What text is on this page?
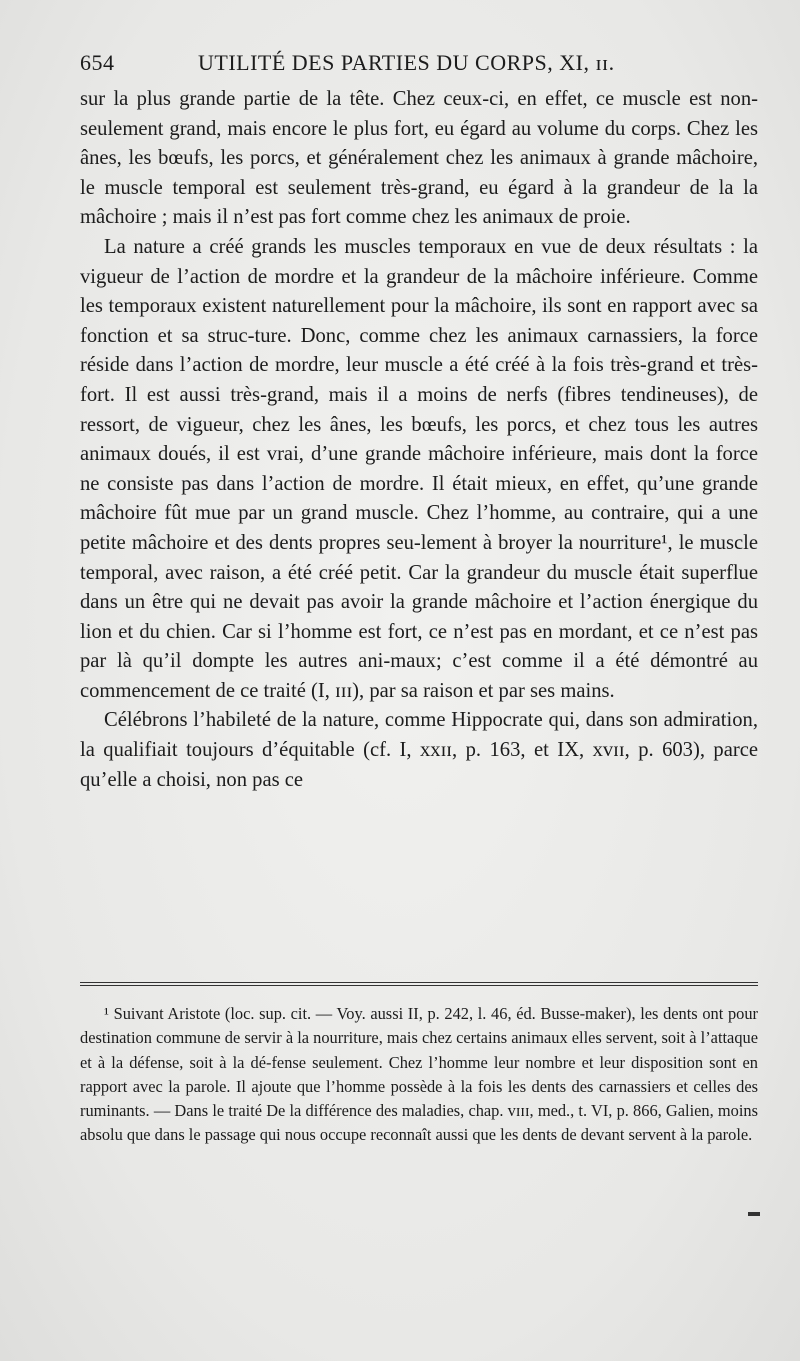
654	UTILITÉ DES PARTIES DU CORPS, XI, ɪɪ.

sur la plus grande partie de la tête. Chez ceux-ci, en effet, ce muscle est non-seulement grand, mais encore le plus fort, eu égard au volume du corps. Chez les ânes, les bœufs, les porcs, et généralement chez les animaux à grande mâchoire, le muscle temporal est seulement très-grand, eu égard à la grandeur de la la mâchoire ; mais il n’est pas fort comme chez les animaux de proie.

La nature a créé grands les muscles temporaux en vue de deux résultats : la vigueur de l’action de mordre et la grandeur de la mâchoire inférieure. Comme les temporaux existent naturellement pour la mâchoire, ils sont en rapport avec sa fonction et sa struc-ture. Donc, comme chez les animaux carnassiers, la force réside dans l’action de mordre, leur muscle a été créé à la fois très-grand et très-fort. Il est aussi très-grand, mais il a moins de nerfs (fibres tendineuses), de ressort, de vigueur, chez les ânes, les bœufs, les porcs, et chez tous les autres animaux doués, il est vrai, d’une grande mâchoire inférieure, mais dont la force ne consiste pas dans l’action de mordre. Il était mieux, en effet, qu’une grande mâchoire fût mue par un grand muscle. Chez l’homme, au contraire, qui a une petite mâchoire et des dents propres seu-lement à broyer la nourriture¹, le muscle temporal, avec raison, a été créé petit. Car la grandeur du muscle était superflue dans un être qui ne devait pas avoir la grande mâchoire et l’action énergique du lion et du chien. Car si l’homme est fort, ce n’est pas en mordant, et ce n’est pas par là qu’il dompte les autres ani-maux; c’est comme il a été démontré au commencement de ce traité (I, ɪɪɪ), par sa raison et par ses mains.

Célébrons l’habileté de la nature, comme Hippocrate qui, dans son admiration, la qualifiait toujours d’équitable (cf. I, xxɪɪ, p. 163, et IX, xᴠɪɪ, p. 603), parce qu’elle a choisi, non pas ce

¹ Suivant Aristote (loc. sup. cit. — Voy. aussi II, p. 242, l. 46, éd. Busse-maker), les dents ont pour destination commune de servir à la nourriture, mais chez certains animaux elles servent, soit à l’attaque et à la défense, soit à la dé-fense seulement. Chez l’homme leur nombre et leur disposition sont en rapport avec la parole. Il ajoute que l’homme possède à la fois les dents des carnassiers et celles des ruminants. — Dans le traité De la différence des maladies, chap. vɪɪɪ, med., t. VI, p. 866, Galien, moins absolu que dans le passage qui nous occupe reconnaît aussi que les dents de devant servent à la parole.
